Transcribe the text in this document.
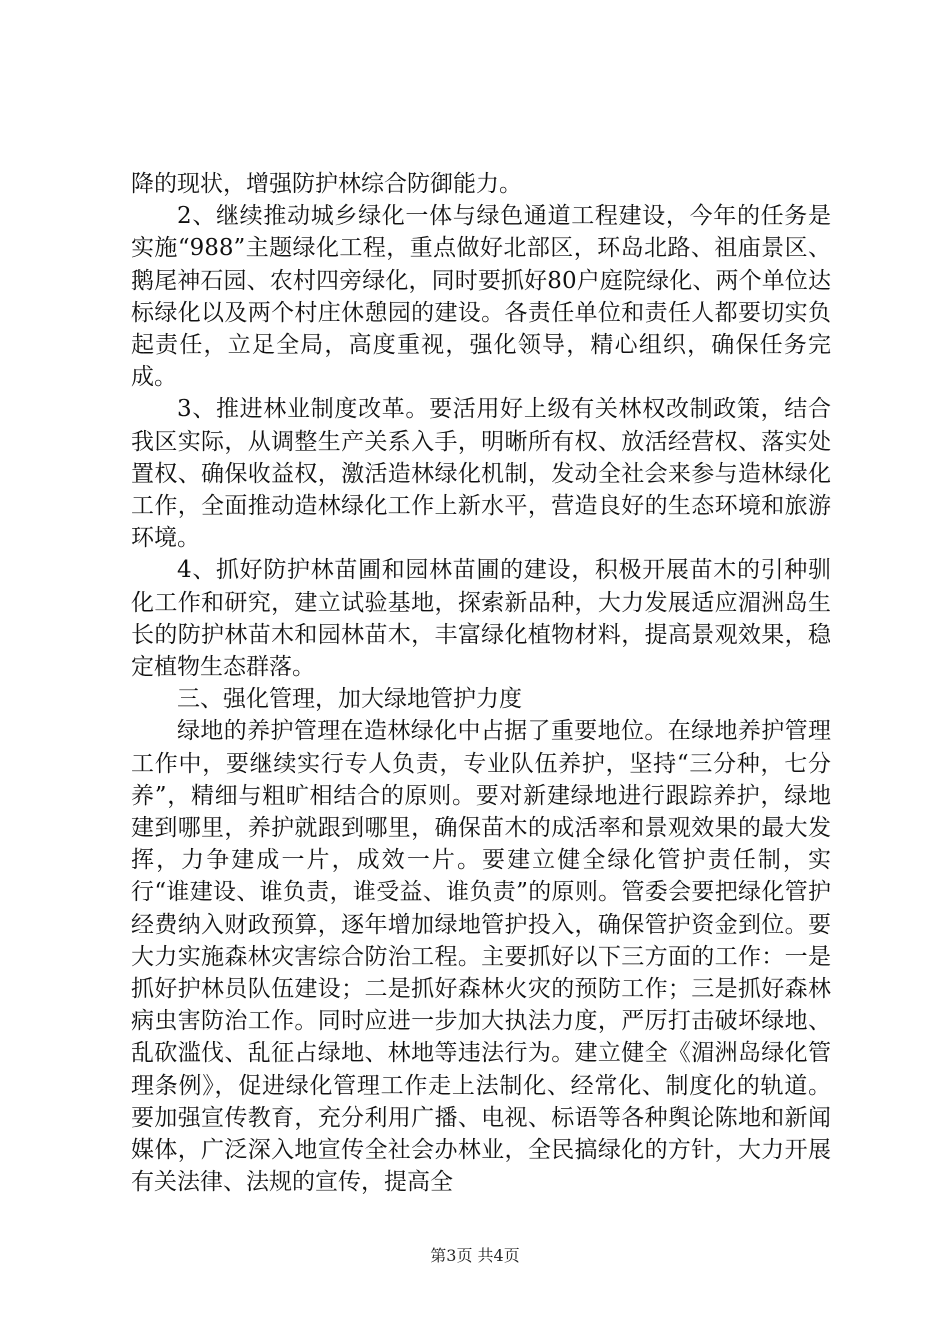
降的现状，增强防护林综合防御能力。

2、继续推动城乡绿化一体与绿色通道工程建设，今年的任务是实施“988”主题绿化工程，重点做好北部区，环岛北路、祖庙景区、鹅尾神石园、农村四旁绿化，同时要抓好80户庭院绿化、两个单位达标绿化以及两个村庄休憩园的建设。各责任单位和责任人都要切实负起责任，立足全局，高度重视，强化领导，精心组织，确保任务完成。

3、推进林业制度改革。要活用好上级有关林权改制政策，结合我区实际，从调整生产关系入手，明晰所有权、放活经营权、落实处置权、确保收益权，激活造林绿化机制，发动全社会来参与造林绿化工作，全面推动造林绿化工作上新水平，营造良好的生态环境和旅游环境。

4、抓好防护林苗圃和园林苗圃的建设，积极开展苗木的引种驯化工作和研究，建立试验基地，探索新品种，大力发展适应湄洲岛生长的防护林苗木和园林苗木，丰富绿化植物材料，提高景观效果，稳定植物生态群落。

三、强化管理，加大绿地管护力度

绿地的养护管理在造林绿化中占据了重要地位。在绿地养护管理工作中，要继续实行专人负责，专业队伍养护，坚持“三分种，七分养”，精细与粗旷相结合的原则。要对新建绿地进行跟踪养护，绿地建到哪里，养护就跟到哪里，确保苗木的成活率和景观效果的最大发挥，力争建成一片，成效一片。要建立健全绿化管护责任制，实行“谁建设、谁负责，谁受益、谁负责”的原则。管委会要把绿化管护经费纳入财政预算，逐年增加绿地管护投入，确保管护资金到位。要大力实施森林灾害综合防治工程。主要抓好以下三方面的工作：一是抓好护林员队伍建设；二是抓好森林火灾的预防工作；三是抓好森林病虫害防治工作。同时应进一步加大执法力度，严厉打击破坏绿地、乱砍滥伐、乱征占绿地、林地等违法行为。建立健全《湄洲岛绿化管理条例》，促进绿化管理工作走上法制化、经常化、制度化的轨道。要加强宣传教育，充分利用广播、电视、标语等各种舆论陈地和新闻媒体，广泛深入地宣传全社会办林业，全民搞绿化的方针，大力开展有关法律、法规的宣传，提高全

第3页 共4页
